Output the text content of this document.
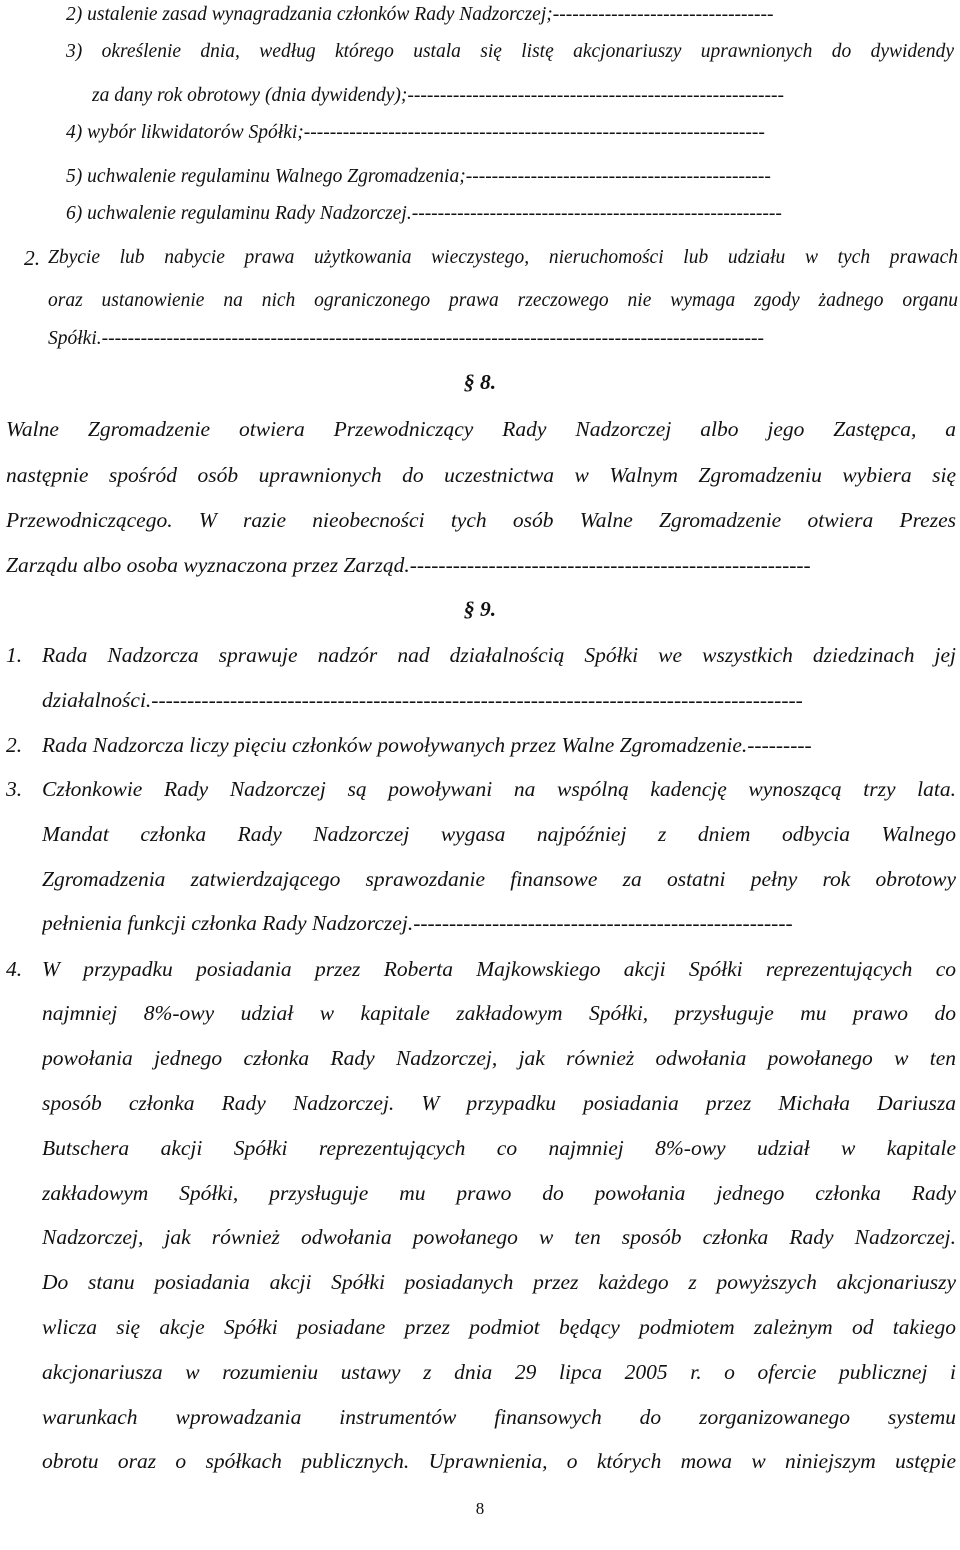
2) ustalenie zasad wynagradzania członków Rady Nadzorczej;----------------------------------
3) określenie dnia, według którego ustala się listę akcjonariuszy uprawnionych do dywidendy
za dany rok obrotowy (dnia dywidendy);----------------------------------------------------------
4) wybór likwidatorów Spółki;-----------------------------------------------------------------------
5) uchwalenie regulaminu Walnego Zgromadzenia;-----------------------------------------------
6) uchwalenie regulaminu Rady Nadzorczej.---------------------------------------------------------
2. Zbycie lub nabycie prawa użytkowania wieczystego, nieruchomości lub udziału w tych prawach
oraz ustanowienie na nich ograniczonego prawa rzeczowego nie wymaga zgody żadnego organu
Spółki.------------------------------------------------------------------------------------------------------
§ 8.
Walne Zgromadzenie otwiera Przewodniczący Rady Nadzorczej albo jego Zastępca, a
następnie spośród osób uprawnionych do uczestnictwa w Walnym Zgromadzeniu wybiera się
Przewodniczącego. W razie nieobecności tych osób Walne Zgromadzenie otwiera Prezes
Zarządu albo osoba wyznaczona przez Zarząd.--------------------------------------------------------
§ 9.
1. Rada Nadzorcza sprawuje nadzór nad działalnością Spółki we wszystkich dziedzinach jej
działalności.-------------------------------------------------------------------------------------------
2. Rada Nadzorcza liczy pięciu członków powoływanych przez Walne Zgromadzenie.---------
3. Członkowie Rady Nadzorczej są powoływani na wspólną kadencję wynoszącą trzy lata.
Mandat członka Rady Nadzorczej wygasa najpóźniej z dniem odbycia Walnego
Zgromadzenia zatwierdzającego sprawozdanie finansowe za ostatni pełny rok obrotowy
pełnienia funkcji członka Rady Nadzorczej.-----------------------------------------------------
4. W przypadku posiadania przez Roberta Majkowskiego akcji Spółki reprezentujących co
najmniej 8%-owy udział w kapitale zakładowym Spółki, przysługuje mu prawo do
powołania jednego członka Rady Nadzorczej, jak również odwołania powołanego w ten
sposób członka Rady Nadzorczej. W przypadku posiadania przez Michała Dariusza
Butschera akcji Spółki reprezentujących co najmniej 8%-owy udział w kapitale
zakładowym Spółki, przysługuje mu prawo do powołania jednego członka Rady
Nadzorczej, jak również odwołania powołanego w ten sposób członka Rady Nadzorczej.
Do stanu posiadania akcji Spółki posiadanych przez każdego z powyższych akcjonariuszy
wlicza się akcje Spółki posiadane przez podmiot będący podmiotem zależnym od takiego
akcjonariusza w rozumieniu ustawy z dnia 29 lipca 2005 r. o ofercie publicznej i
warunkach wprowadzania instrumentów finansowych do zorganizowanego systemu
obrotu oraz o spółkach publicznych. Uprawnienia, o których mowa w niniejszym ustępie
8
